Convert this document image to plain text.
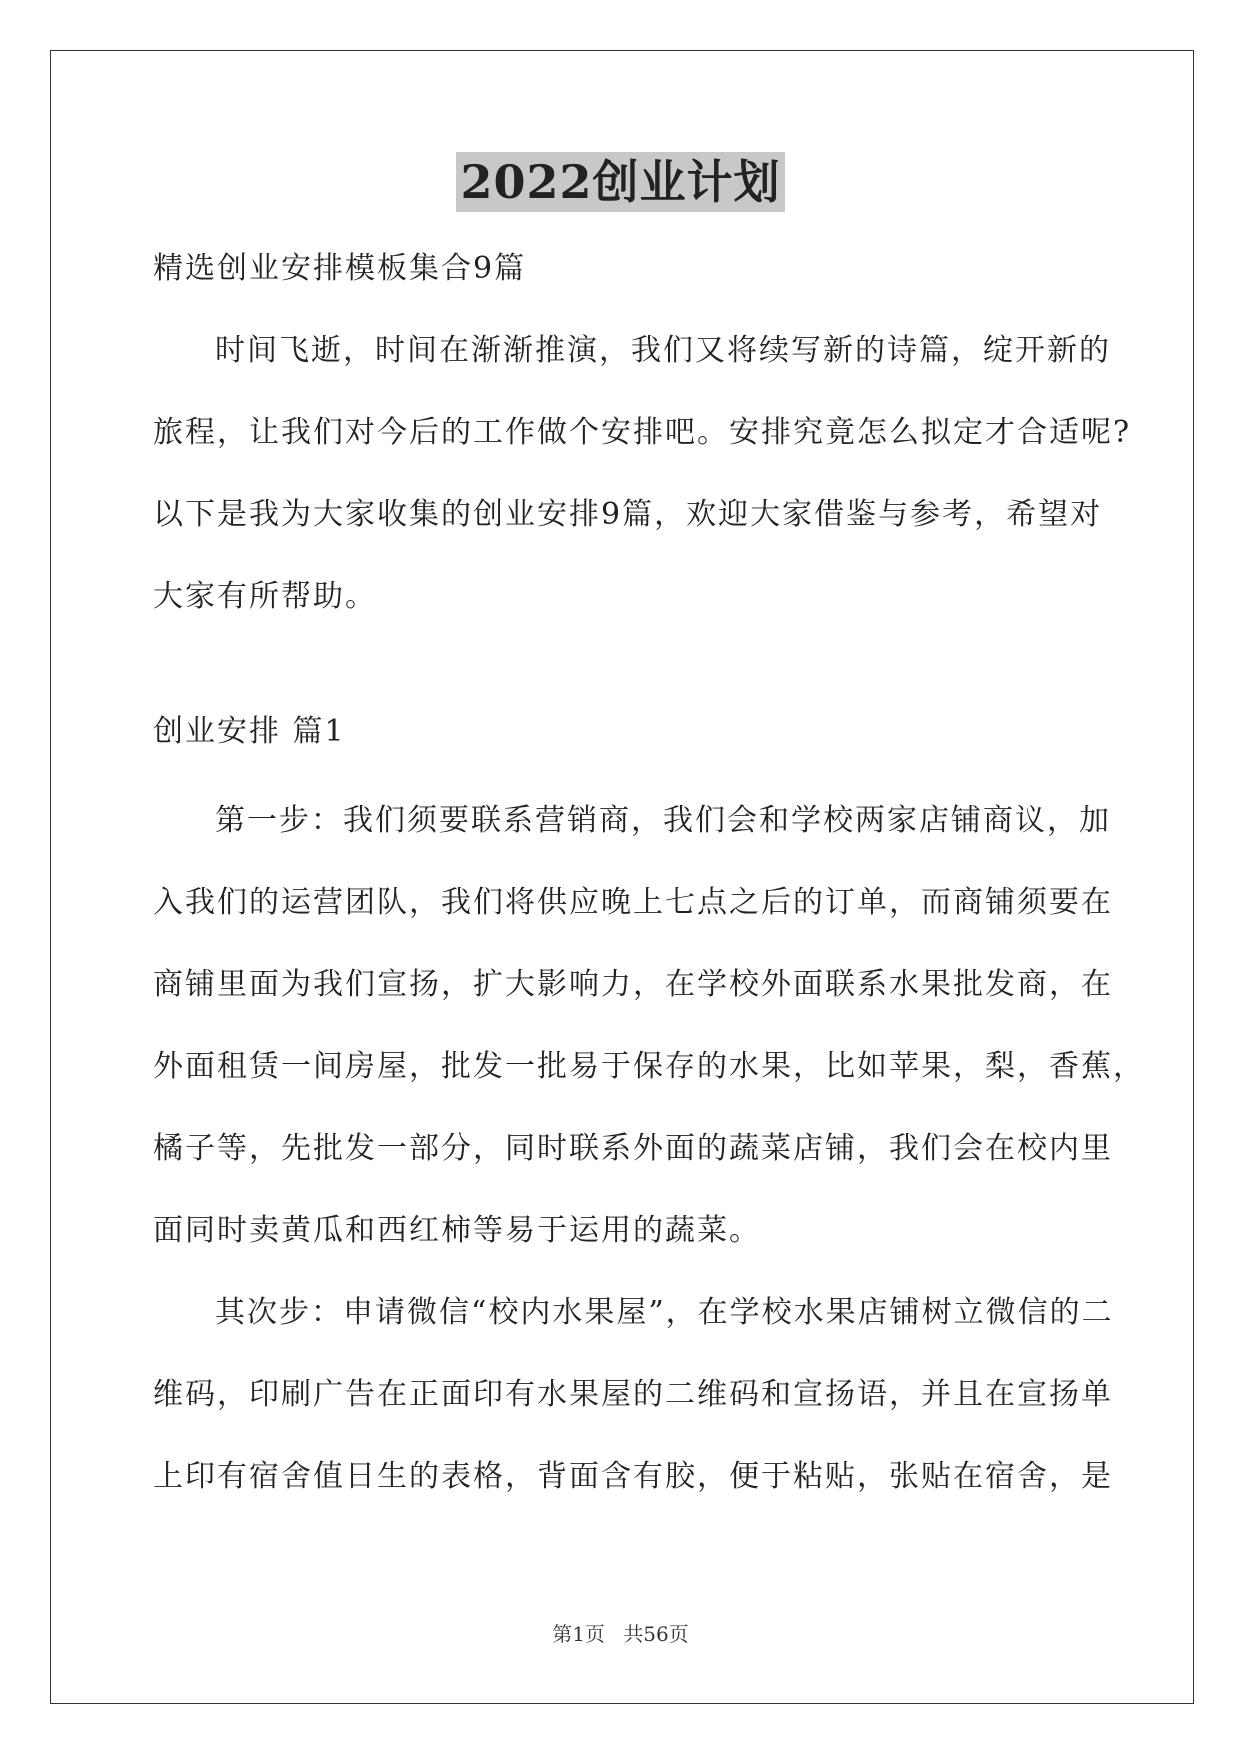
2022创业计划
精选创业安排模板集合9篇
时间飞逝，时间在渐渐推演，我们又将续写新的诗篇，绽开新的
旅程，让我们对今后的工作做个安排吧。安排究竟怎么拟定才合适呢?
以下是我为大家收集的创业安排9篇，欢迎大家借鉴与参考，希望对
大家有所帮助。
创业安排 篇1
第一步：我们须要联系营销商，我们会和学校两家店铺商议，加
入我们的运营团队，我们将供应晚上七点之后的订单，而商铺须要在
商铺里面为我们宣扬，扩大影响力，在学校外面联系水果批发商，在
外面租赁一间房屋，批发一批易于保存的水果，比如苹果，梨，香蕉，
橘子等，先批发一部分，同时联系外面的蔬菜店铺，我们会在校内里
面同时卖黄瓜和西红柿等易于运用的蔬菜。
其次步：申请微信“校内水果屋”，在学校水果店铺树立微信的二
维码，印刷广告在正面印有水果屋的二维码和宣扬语，并且在宣扬单
上印有宿舍值日生的表格，背面含有胶，便于粘贴，张贴在宿舍，是
第1页 共56页
